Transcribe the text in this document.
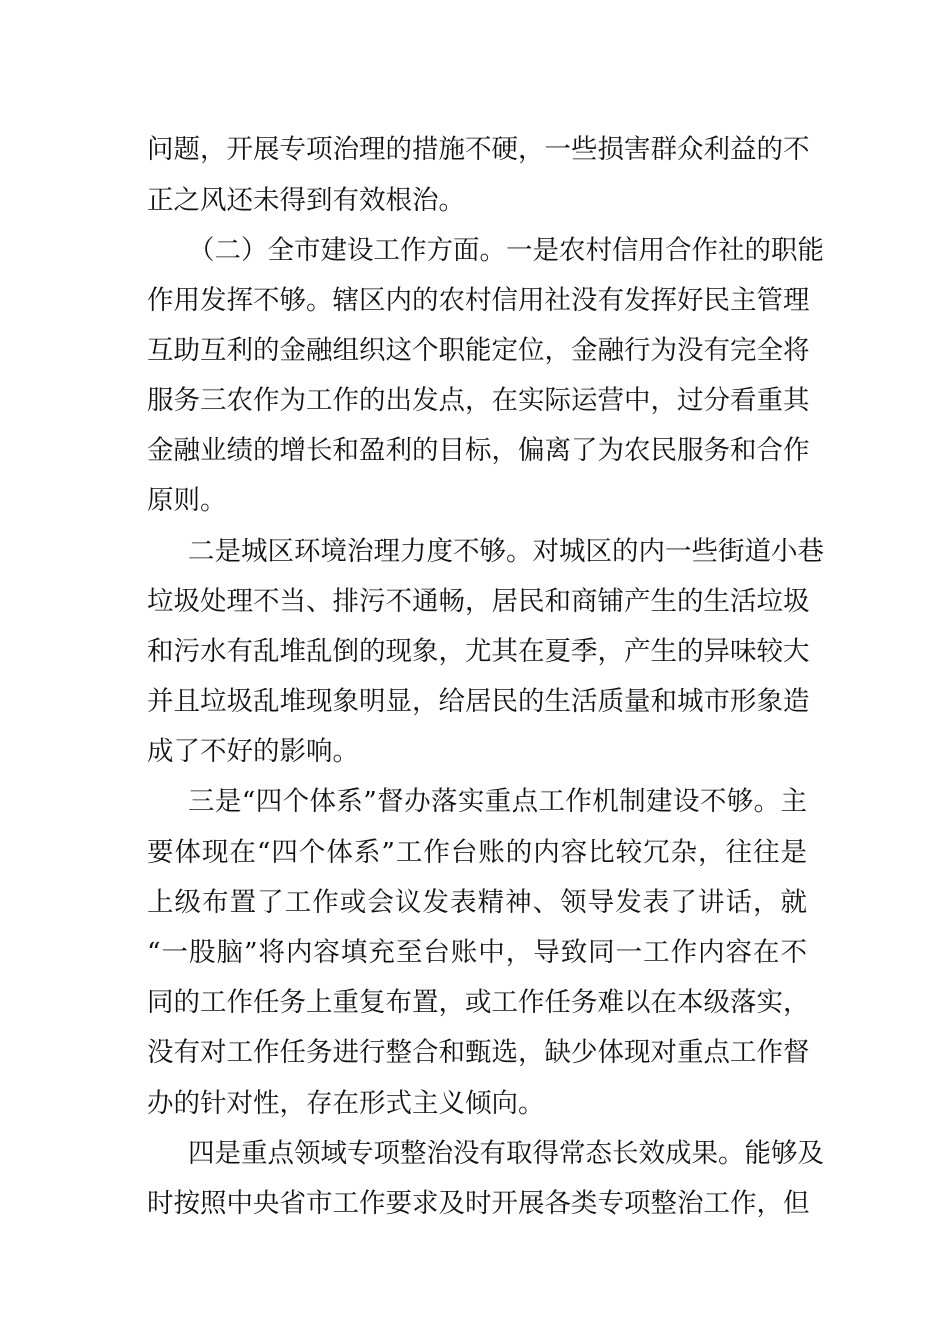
问题，开展专项治理的措施不硬，一些损害群众利益的不

正之风还未得到有效根治。

（二）全市建设工作方面。一是农村信用合作社的职能

作用发挥不够。辖区内的农村信用社没有发挥好民主管理

互助互利的金融组织这个职能定位，金融行为没有完全将

服务三农作为工作的出发点，在实际运营中，过分看重其

金融业绩的增长和盈利的目标，偏离了为农民服务和合作

原则。

二是城区环境治理力度不够。对城区的内一些街道小巷

垃圾处理不当、排污不通畅，居民和商铺产生的生活垃圾

和污水有乱堆乱倒的现象，尤其在夏季，产生的异味较大

并且垃圾乱堆现象明显，给居民的生活质量和城市形象造

成了不好的影响。

三是“四个体系”督办落实重点工作机制建设不够。主

要体现在“四个体系”工作台账的内容比较冗杂，往往是

上级布置了工作或会议发表精神、领导发表了讲话，就

“一股脑”将内容填充至台账中，导致同一工作内容在不

同的工作任务上重复布置，或工作任务难以在本级落实，

没有对工作任务进行整合和甄选，缺少体现对重点工作督

办的针对性，存在形式主义倾向。

四是重点领域专项整治没有取得常态长效成果。能够及

时按照中央省市工作要求及时开展各类专项整治工作，但
